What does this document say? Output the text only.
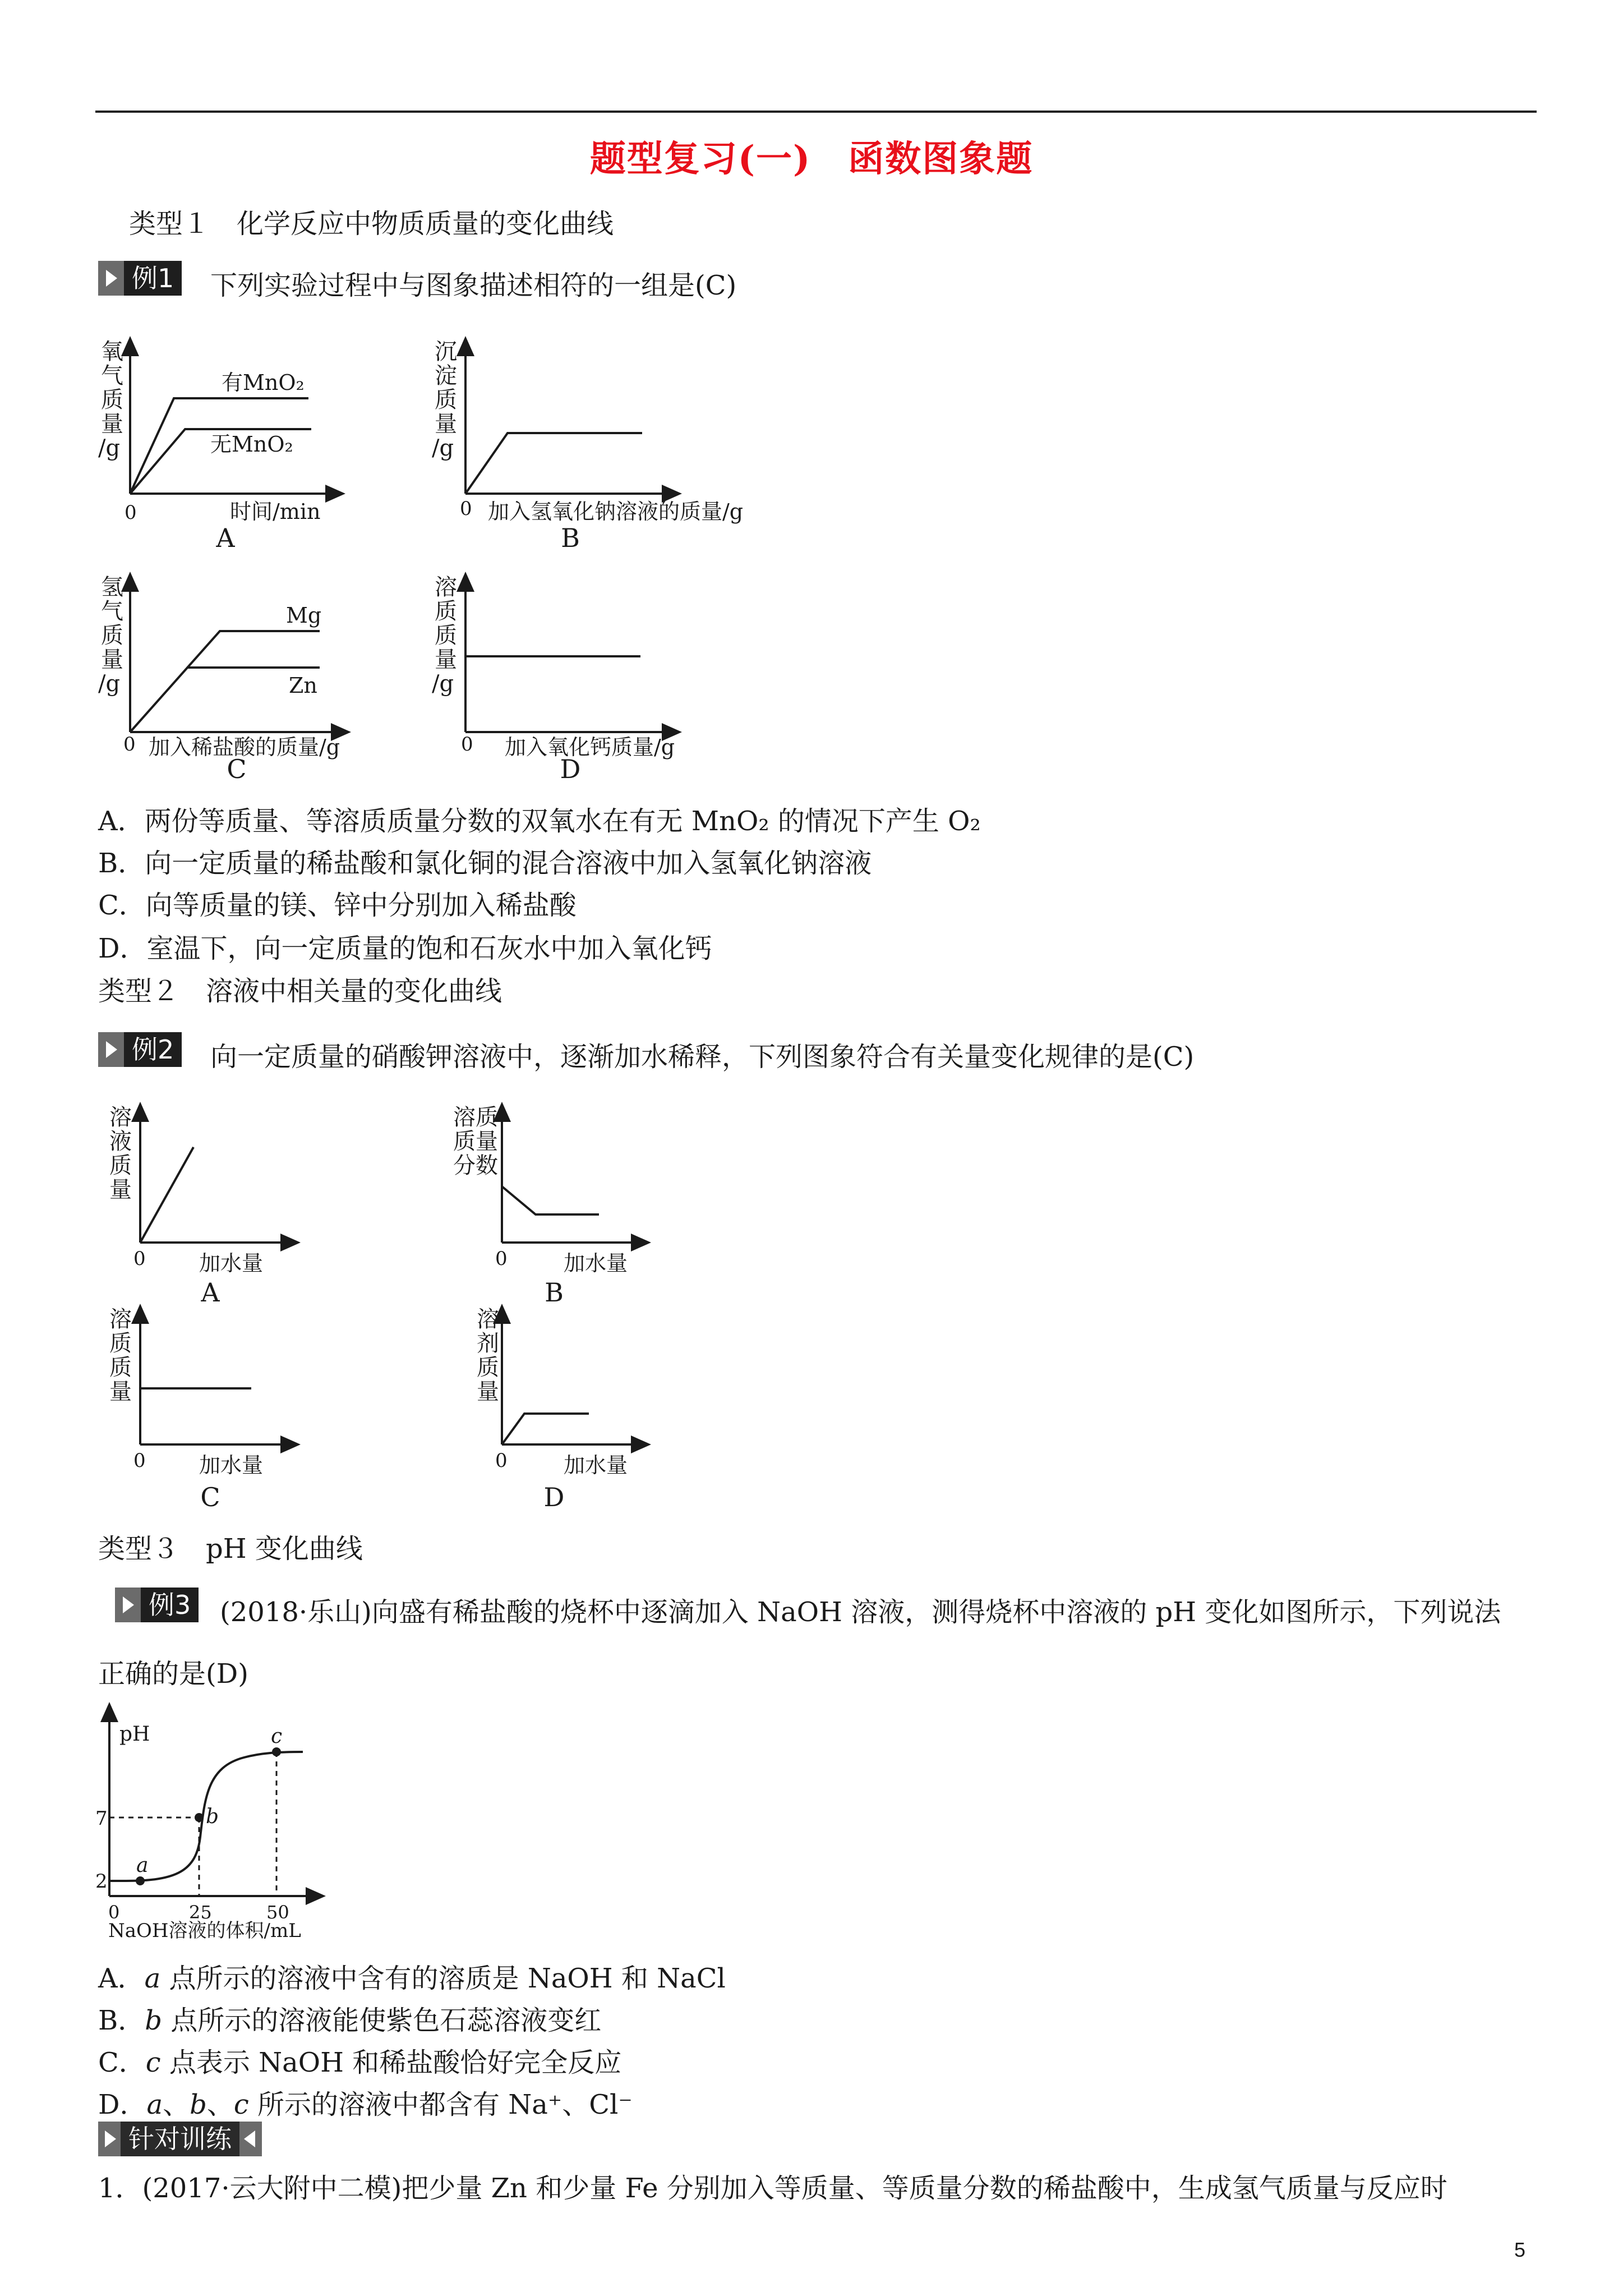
题型复习(一)　函数图象题
类型１　化学反应中物质质量的变化曲线
例1 下列实验过程中与图象描述相符的一组是(C)
氧
气
质
量
/g
有MnO₂
无MnO₂
0	时间/min
A
沉
淀
质
量
/g
0 加入氢氧化钠溶液的质量/g
B
氢
气
质
量
/g
Mg
Zn
0 加入稀盐酸的质量/g
C
溶
质
质
量
/g
0 加入氧化钙质量/g
D
A．两份等质量、等溶质质量分数的双氧水在有无 MnO₂ 的情况下产生 O₂
B．向一定质量的稀盐酸和氯化铜的混合溶液中加入氢氧化钠溶液
C．向等质量的镁、锌中分别加入稀盐酸
D．室温下，向一定质量的饱和石灰水中加入氧化钙
类型２　溶液中相关量的变化曲线
例2 向一定质量的硝酸钾溶液中，逐渐加水稀释，下列图象符合有关量变化规律的是(C)
溶
液
质
量
0	加水量
A
溶质
质量
分数
0	加水量
B
溶
质
质
量
0	加水量
C
溶
剂
质
量
0	加水量
D
类型３　pH 变化曲线
例3 (2018·乐山)向盛有稀盐酸的烧杯中逐滴加入 NaOH 溶液，测得烧杯中溶液的 pH 变化如图所示，下列说法
正确的是(D)
a
b
c
pH
7
2
0	25	50
NaOH溶液的体积/mL
A．a 点所示的溶液中含有的溶质是 NaOH 和 NaCl
B．b 点所示的溶液能使紫色石蕊溶液变红
C．c 点表示 NaOH 和稀盐酸恰好完全反应
D．a、b、c 所示的溶液中都含有 Na⁺、Cl⁻
针对训练
1．(2017·云大附中二模)把少量 Zn 和少量 Fe 分别加入等质量、等质量分数的稀盐酸中，生成氢气质量与反应时
5
